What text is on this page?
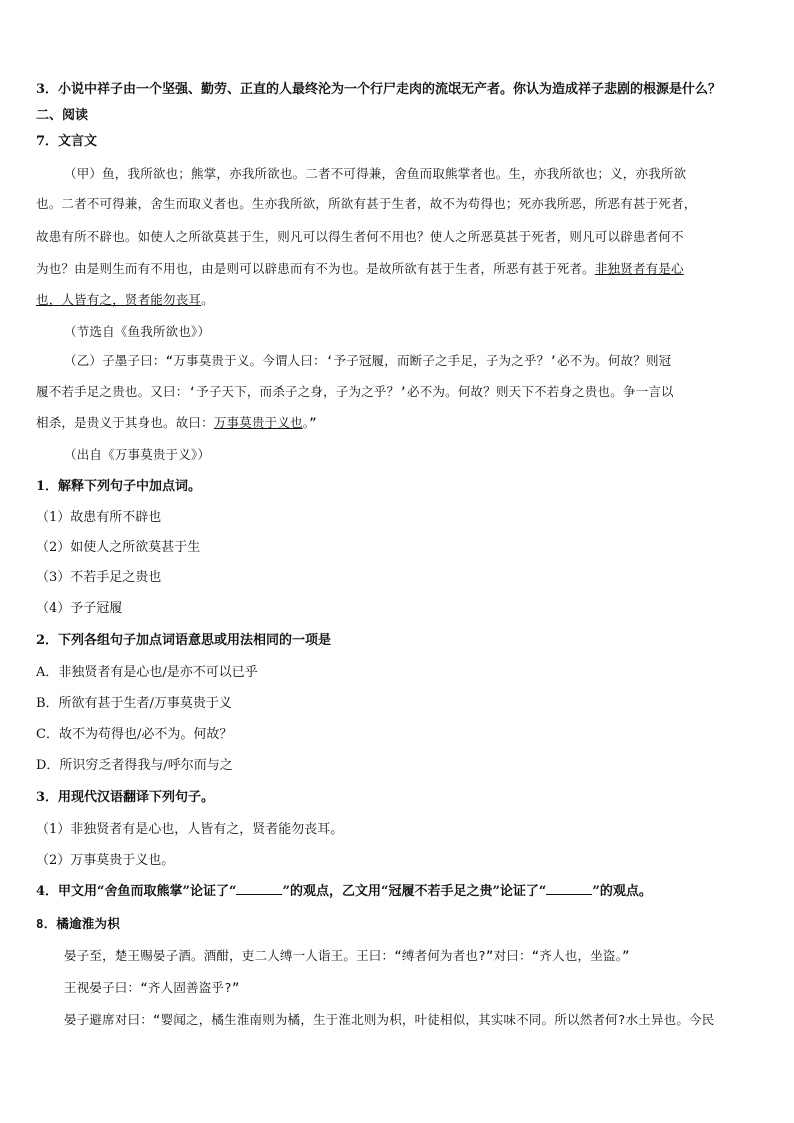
3．小说中祥子由一个坚强、勤劳、正直的人最终沦为一个行尸走肉的流氓无产者。你认为造成祥子悲剧的根源是什么？
二、阅读
7．文言文
（甲）鱼，我所欲也；熊掌，亦我所欲也。二者不可得兼，舍鱼而取熊掌者也。生，亦我所欲也；义，亦我所欲
也。二者不可得兼，舍生而取义者也。生亦我所欲，所欲有甚于生者，故不为苟得也；死亦我所恶，所恶有甚于死者，
故患有所不辟也。如使人之所欲莫甚于生，则凡可以得生者何不用也？使人之所恶莫甚于死者，则凡可以辟患者何不
为也？由是则生而有不用也，由是则可以辟患而有不为也。是故所欲有甚于生者，所恶有甚于死者。非独贤者有是心
也，人皆有之，贤者能勿丧耳。
（节选自《鱼我所欲也》）
（乙）子墨子曰：“万事莫贵于义。今谓人曰：‘予子冠履，而断子之手足，子为之乎？’必不为。何故？则冠
履不若手足之贵也。又曰：‘予子天下，而杀子之身，子为之乎？’必不为。何故？则天下不若身之贵也。争一言以
相杀，是贵义于其身也。故曰：万事莫贵于义也。”
（出自《万事莫贵于义》）
1．解释下列句子中加点词。
（1）故患有所不辟也
（2）如使人之所欲莫甚于生
（3）不若手足之贵也
（4）予子冠履
2．下列各组句子加点词语意思或用法相同的一项是
A．非独贤者有是心也/是亦不可以已乎
B．所欲有甚于生者/万事莫贵于义
C．故不为苟得也/必不为。何故？
D．所识穷乏者得我与/呼尔而与之
3．用现代汉语翻译下列句子。
（1）非独贤者有是心也，人皆有之，贤者能勿丧耳。
（2）万事莫贵于义也。
4．甲文用“舍鱼而取熊掌”论证了“	”的观点，乙文用“冠履不若手足之贵”论证了“	”的观点。
8．橘逾淮为枳
晏子至，楚王赐晏子酒。酒酣，吏二人缚一人诣王。王曰：“缚者何为者也?”对曰：“齐人也，坐盗。”
王视晏子曰：“齐人固善盗乎?”
晏子避席对曰：“婴闻之，橘生淮南则为橘，生于淮北则为枳，叶徒相似，其实味不同。所以然者何?水土异也。今民
